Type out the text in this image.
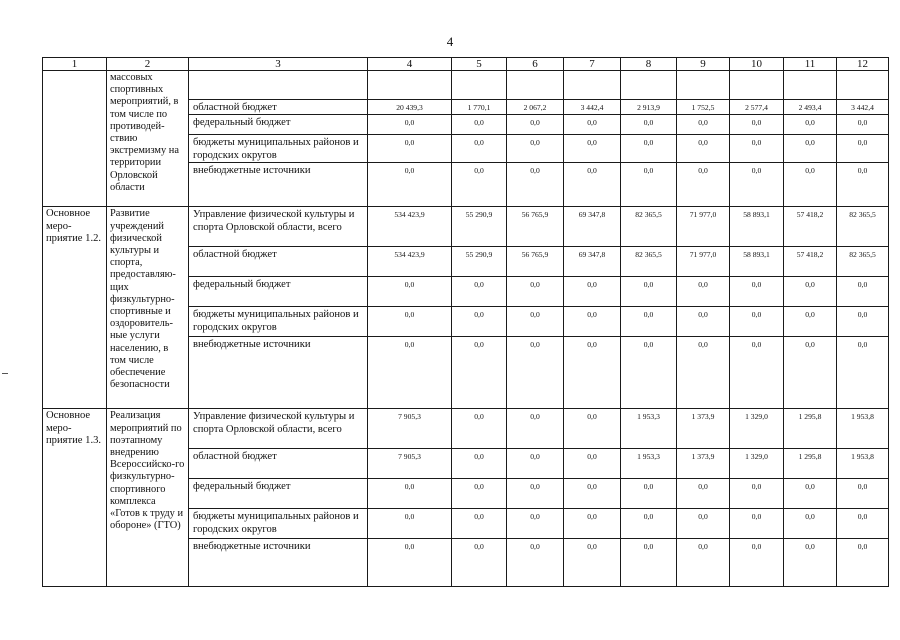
4
1	2	3	4	5	6	7	8	9	10	11	12
	массовых спортивных мероприятий, в том числе по противодей-ствию экстремизму на территории Орловской области										
		областной бюджет	20 439,3	1 770,1	2 067,2	3 442,4	2 913,9	1 752,5	2 577,4	2 493,4	3 442,4
		федеральный бюджет	0,0	0,0	0,0	0,0	0,0	0,0	0,0	0,0	0,0
		бюджеты муниципальных районов и городских округов	0,0	0,0	0,0	0,0	0,0	0,0	0,0	0,0	0,0
		внебюджетные источники	0,0	0,0	0,0	0,0	0,0	0,0	0,0	0,0	0,0
Основное меро-приятие 1.2.	Развитие учреждений физической культуры и спорта, предоставляю-щих физкультурно-спортивные и оздоровитель-ные услуги населению, в том числе обеспечение безопасности	Управление физической культуры и спорта Орловской области, всего	534 423,9	55 290,9	56 765,9	69 347,8	82 365,5	71 977,0	58 893,1	57 418,2	82 365,5
		областной бюджет	534 423,9	55 290,9	56 765,9	69 347,8	82 365,5	71 977,0	58 893,1	57 418,2	82 365,5
		федеральный бюджет	0,0	0,0	0,0	0,0	0,0	0,0	0,0	0,0	0,0
		бюджеты муниципальных районов и городских округов	0,0	0,0	0,0	0,0	0,0	0,0	0,0	0,0	0,0
		внебюджетные источники	0,0	0,0	0,0	0,0	0,0	0,0	0,0	0,0	0,0
Основное меро-приятие 1.3.	Реализация мероприятий по поэтапному внедрению Всероссийско-го физкультурно-спортивного комплекса «Готов к труду и обороне» (ГТО)	Управление физической культуры и спорта Орловской области, всего	7 905,3	0,0	0,0	0,0	1 953,3	1 373,9	1 329,0	1 295,8	1 953,8
		областной бюджет	7 905,3	0,0	0,0	0,0	1 953,3	1 373,9	1 329,0	1 295,8	1 953,8
		федеральный бюджет	0,0	0,0	0,0	0,0	0,0	0,0	0,0	0,0	0,0
		бюджеты муниципальных районов и городских округов	0,0	0,0	0,0	0,0	0,0	0,0	0,0	0,0	0,0
		внебюджетные источники	0,0	0,0	0,0	0,0	0,0	0,0	0,0	0,0	0,0
